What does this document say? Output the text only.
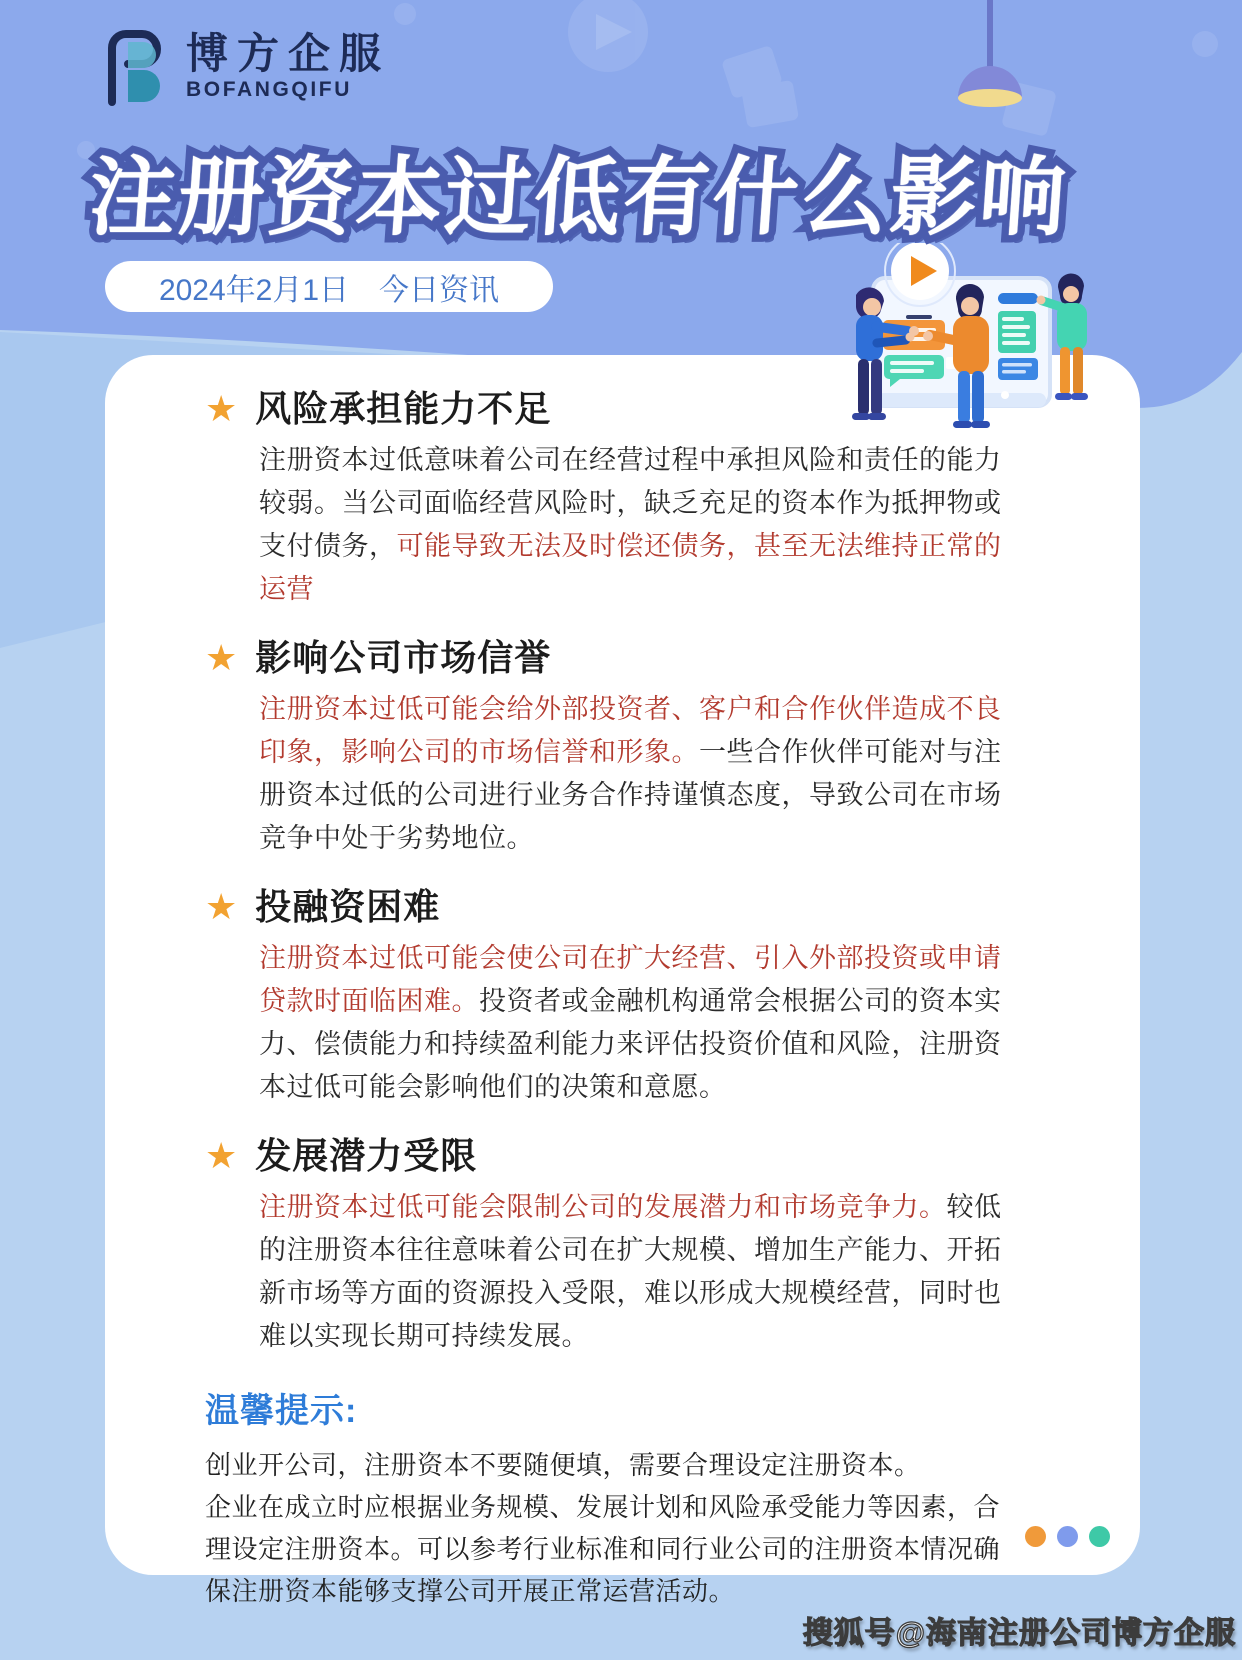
博方企服
BOFANGQIFU
注册资本过低有什么影响 注册资本过低有什么影响
2024年2月1日　今日资讯
★ 风险承担能力不足

注册资本过低意味着公司在经营过程中承担风险和责任的能力较弱。当公司面临经营风险时，缺乏充足的资本作为抵押物或支付债务，可能导致无法及时偿还债务，甚至无法维持正常的运营

★ 影响公司市场信誉

注册资本过低可能会给外部投资者、客户和合作伙伴造成不良印象，影响公司的市场信誉和形象。一些合作伙伴可能对与注册资本过低的公司进行业务合作持谨慎态度，导致公司在市场竞争中处于劣势地位。

★ 投融资困难

注册资本过低可能会使公司在扩大经营、引入外部投资或申请贷款时面临困难。投资者或金融机构通常会根据公司的资本实力、偿债能力和持续盈利能力来评估投资价值和风险，注册资本过低可能会影响他们的决策和意愿。

★ 发展潜力受限

注册资本过低可能会限制公司的发展潜力和市场竞争力。较低的注册资本往往意味着公司在扩大规模、增加生产能力、开拓新市场等方面的资源投入受限，难以形成大规模经营，同时也难以实现长期可持续发展。

温馨提示:

创业开公司，注册资本不要随便填，需要合理设定注册资本。

企业在成立时应根据业务规模、发展计划和风险承受能力等因素，合理设定注册资本。可以参考行业标准和同行业公司的注册资本情况确保注册资本能够支撑公司开展正常运营活动。

搜狐号@海南注册公司博方企服
